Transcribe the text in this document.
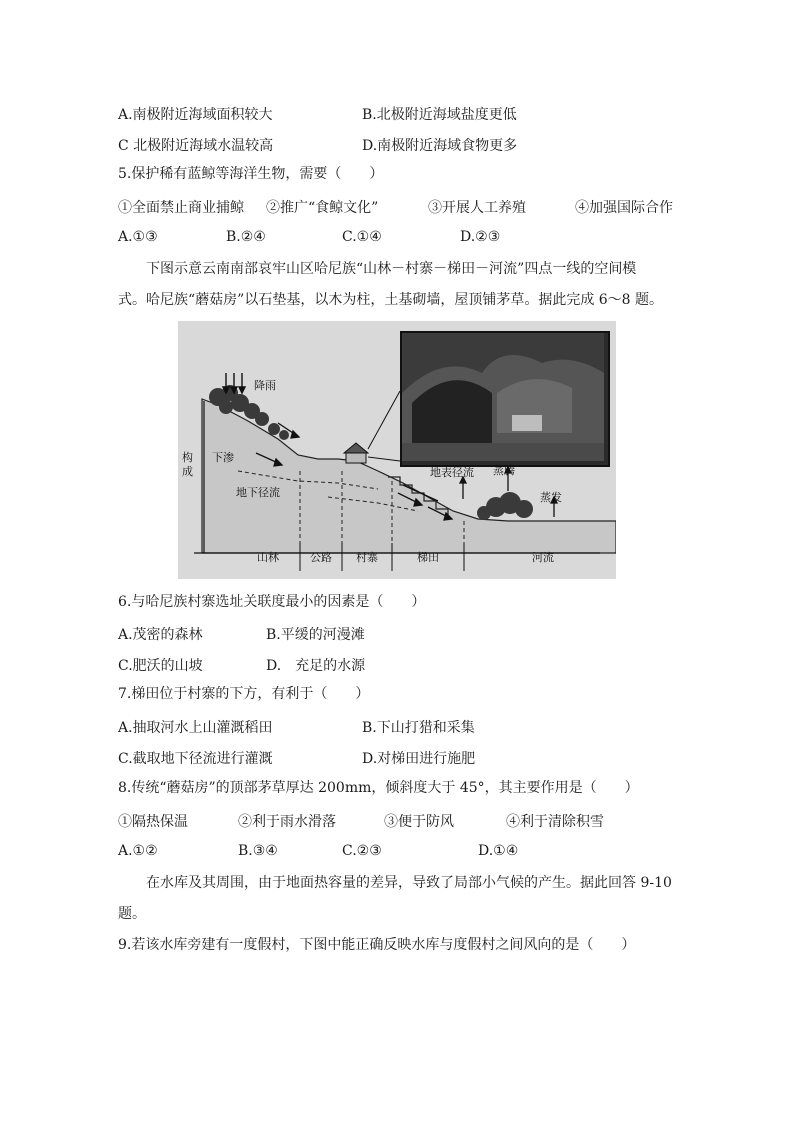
A.南极附近海域面积较大	B.北极附近海域盐度更低
C 北极附近海域水温较高	D.南极附近海域食物更多
5.保护稀有蓝鲸等海洋生物，需要（　　）
①全面禁止商业捕鲸 ②推广“食鲸文化”	③开展人工养殖	④加强国际合作
A.①③	B.②④	C.①④	D.②③
下图示意云南南部哀牢山区哈尼族“山林－村寨－梯田－河流”四点一线的空间模
式。哈尼族“蘑菇房”以石垫基，以木为柱，土基砌墙，屋顶铺茅草。据此完成 6～8 题。
降雨
下渗
地下径流
地表径流 蒸腾
蒸发
构成
山林	公路	村寨	梯田	河流
6.与哈尼族村寨选址关联度最小的因素是（　　）
A.茂密的森林	B.平缓的河漫滩
C.肥沃的山坡	D.　充足的水源
7.梯田位于村寨的下方，有利于（　　）
A.抽取河水上山灌溉稻田	B.下山打猎和采集
C.截取地下径流进行灌溉	D.对梯田进行施肥
8.传统“蘑菇房”的顶部茅草厚达 200mm，倾斜度大于 45°，其主要作用是（　　）
①隔热保温	②利于雨水滑落	③便于防风	④利于清除积雪
A.①②	B.③④	C.②③	D.①④
在水库及其周围，由于地面热容量的差异，导致了局部小气候的产生。据此回答 9-10
题。
9.若该水库旁建有一度假村，下图中能正确反映水库与度假村之间风向的是（　　）
